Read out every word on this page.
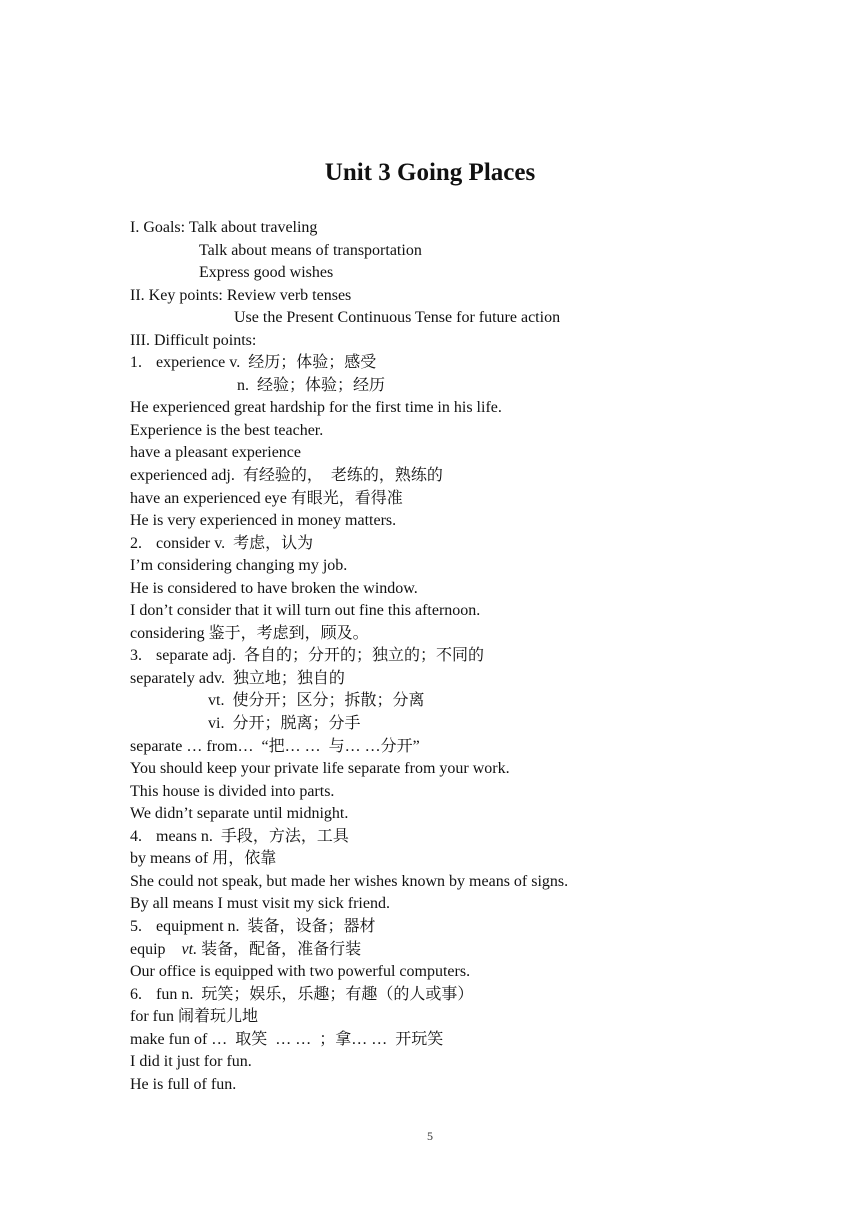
Unit 3 Going Places
I. Goals: Talk about traveling
Talk about means of transportation
Express good wishes
II. Key points: Review verb tenses
Use the Present Continuous Tense for future action
III. Difficult points:
1. experience v.  经历；体验；感受
n.  经验；体验；经历
He experienced great hardship for the first time in his life.
Experience is the best teacher.
have a pleasant experience
experienced adj.  有经验的，  老练的，熟练的
have an experienced eye 有眼光，看得准
He is very experienced in money matters.
2. consider v.  考虑，认为
I’m considering changing my job.
He is considered to have broken the window.
I don’t consider that it will turn out fine this afternoon.
considering 鉴于，考虑到，顾及。
3. separate adj.  各自的；分开的；独立的；不同的
separately adv.  独立地；独自的
vt.  使分开；区分；拆散；分离
vi.  分开；脱离；分手
separate … from…  “把… …  与… …分开”
You should keep your private life separate from your work.
This house is divided into parts.
We didn’t separate until midnight.
4. means n.  手段，方法，工具
by means of 用，依靠
She could not speak, but made her wishes known by means of signs.
By all means I must visit my sick friend.
5. equipment n.  装备，设备；器材
equip vt. 装备，配备，准备行装
Our office is equipped with two powerful computers.
6. fun n.  玩笑；娱乐，乐趣；有趣（的人或事）
for fun 闹着玩儿地
make fun of …  取笑  … …  ；拿… …  开玩笑
I did it just for fun.
He is full of fun.
5
